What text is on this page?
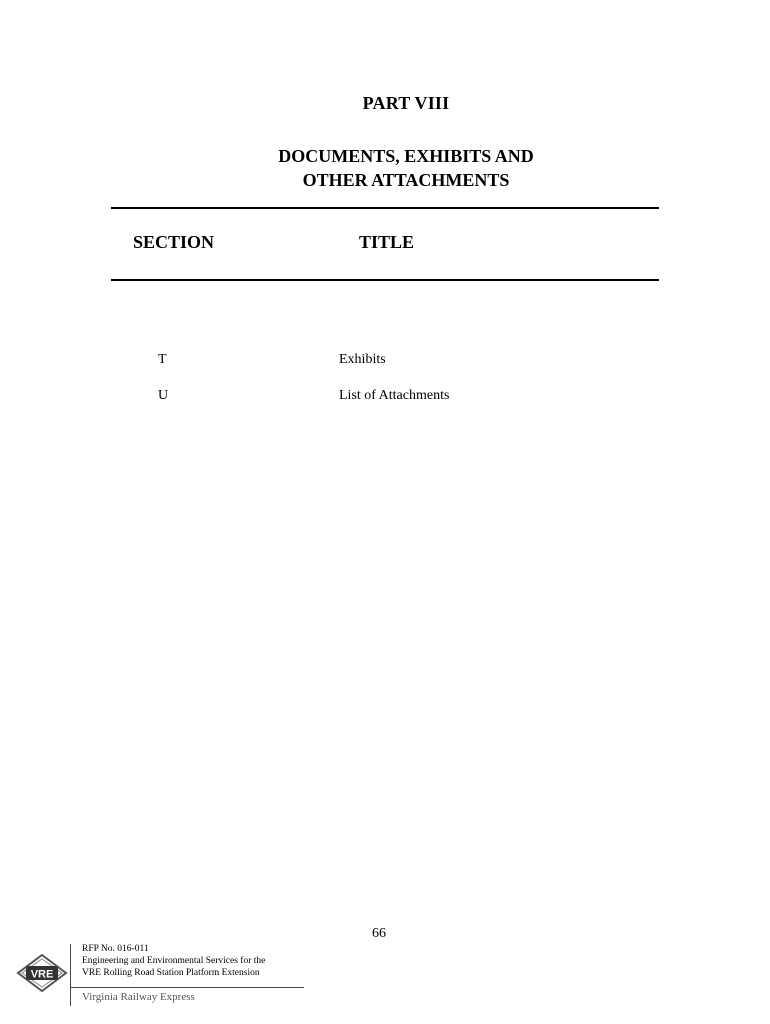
PART VIII
DOCUMENTS, EXHIBITS AND
OTHER ATTACHMENTS
SECTION	TITLE
T	Exhibits
U	List of Attachments
66
VRE
RFP No. 016-011
Engineering and Environmental Services for the
VRE Rolling Road Station Platform Extension
Virginia Railway Express
